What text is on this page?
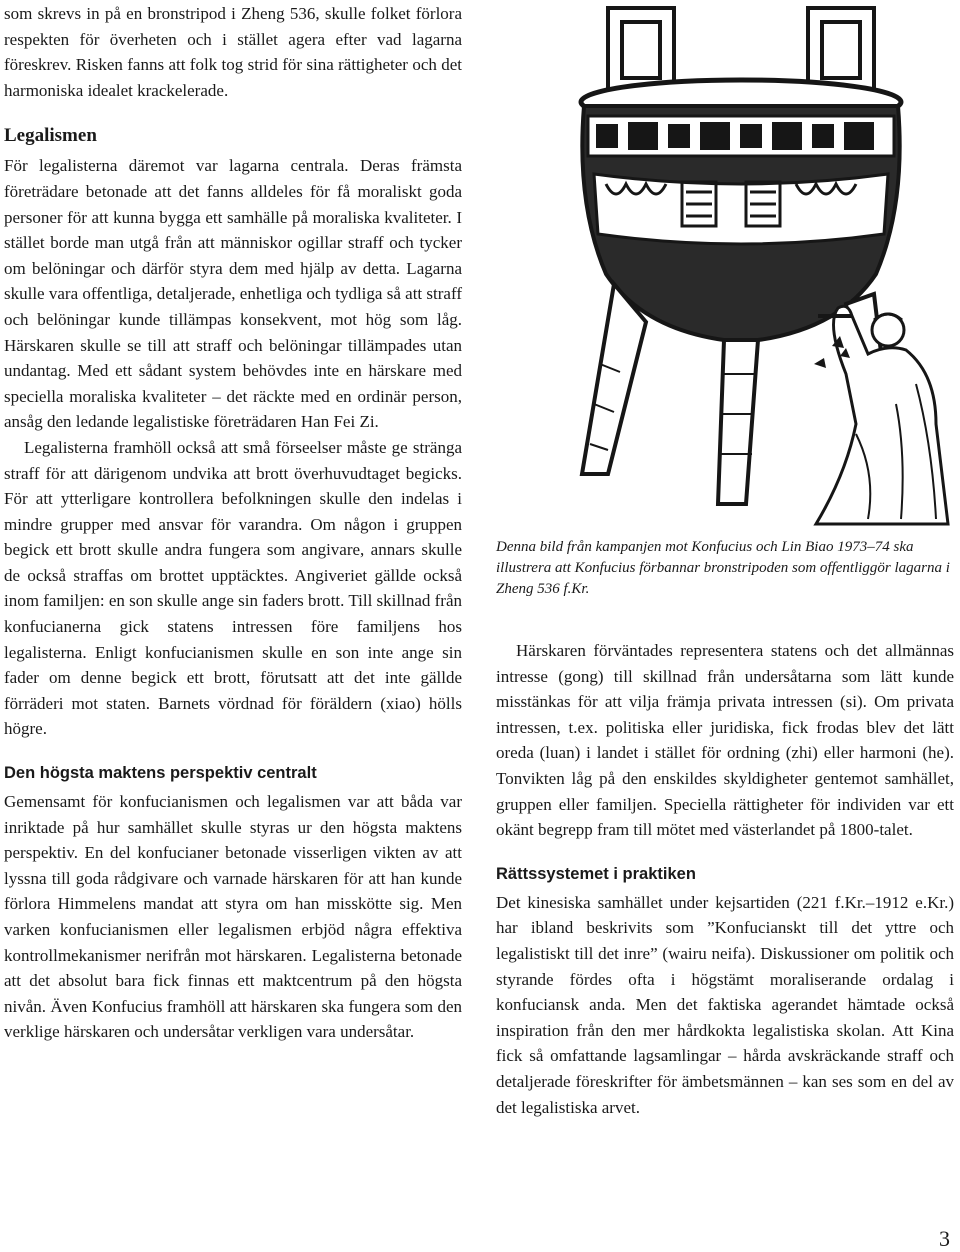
som skrevs in på en bronstripod i Zheng 536, skulle folket förlora respekten för överheten och i stället agera efter vad lagarna föreskrev. Risken fanns att folk tog strid för sina rättigheter och det harmoniska idealet krackelerade.

Legalismen

För legalisterna däremot var lagarna centrala. Deras främsta företrädare betonade att det fanns alldeles för få moraliskt goda personer för att kunna bygga ett samhälle på moraliska kvaliteter. I stället borde man utgå från att människor ogillar straff och tycker om belöningar och därför styra dem med hjälp av detta. Lagarna skulle vara offentliga, detaljerade, enhetliga och tydliga så att straff och belöningar kunde tillämpas konsekvent, mot hög som låg. Härskaren skulle se till att straff och belöningar tillämpades utan undantag. Med ett sådant system behövdes inte en härskare med speciella moraliska kvaliteter – det räckte med en ordinär person, ansåg den ledande legalistiske företrädaren Han Fei Zi.

Legalisterna framhöll också att små förseelser måste ge stränga straff för att därigenom undvika att brott överhuvudtaget begicks. För att ytterligare kontrollera befolkningen skulle den indelas i mindre grupper med ansvar för varandra. Om någon i gruppen begick ett brott skulle andra fungera som angivare, annars skulle de också straffas om brottet upptäcktes. Angiveriet gällde också inom familjen: en son skulle ange sin faders brott. Till skillnad från konfucianerna gick statens intressen före familjens hos legalisterna. Enligt konfucianismen skulle en son inte ange sin fader om denne begick ett brott, förutsatt att det inte gällde förräderi mot staten. Barnets vördnad för föräldern (xiao) hölls högre.

Den högsta maktens perspektiv centralt

Gemensamt för konfucianismen och legalismen var att båda var inriktade på hur samhället skulle styras ur den högsta maktens perspektiv. En del konfucianer betonade visserligen vikten av att lyssna till goda rådgivare och varnade härskaren för att han kunde förlora Himmelens mandat att styra om han misskötte sig. Men varken konfucianismen eller legalismen erbjöd några effektiva kontrollmekanismer nerifrån mot härskaren. Legalisterna betonade att det absolut bara fick finnas ett maktcentrum på den högsta nivån. Även Konfucius framhöll att härskaren ska fungera som den verklige härskaren och undersåtar verkligen vara undersåtar.

Denna bild från kampanjen mot Konfucius och Lin Biao 1973–74 ska illustrera att Konfucius förbannar bronstripoden som offentliggör lagarna i Zheng 536 f.Kr.

Härskaren förväntades representera statens och det allmännas intresse (gong) till skillnad från undersåtarna som lätt kunde misstänkas för att vilja främja privata intressen (si). Om privata intressen, t.ex. politiska eller juridiska, fick frodas blev det lätt oreda (luan) i landet i stället för ordning (zhi) eller harmoni (he). Tonvikten låg på den enskildes skyldigheter gentemot samhället, gruppen eller familjen. Speciella rättigheter för individen var ett okänt begrepp fram till mötet med västerlandet på 1800-talet.

Rättssystemet i praktiken

Det kinesiska samhället under kejsartiden (221 f.Kr.–1912 e.Kr.) har ibland beskrivits som ”Konfucianskt till det yttre och legalistiskt till det inre” (wairu neifa). Diskussioner om politik och styrande fördes ofta i högstämt moraliserande ordalag i konfuciansk anda. Men det faktiska agerandet hämtade också inspiration från den mer hårdkokta legalistiska skolan. Att Kina fick så omfattande lagsamlingar – hårda avskräckande straff och detaljerade föreskrifter för ämbetsmännen – kan ses som en del av det legalistiska arvet.

3
